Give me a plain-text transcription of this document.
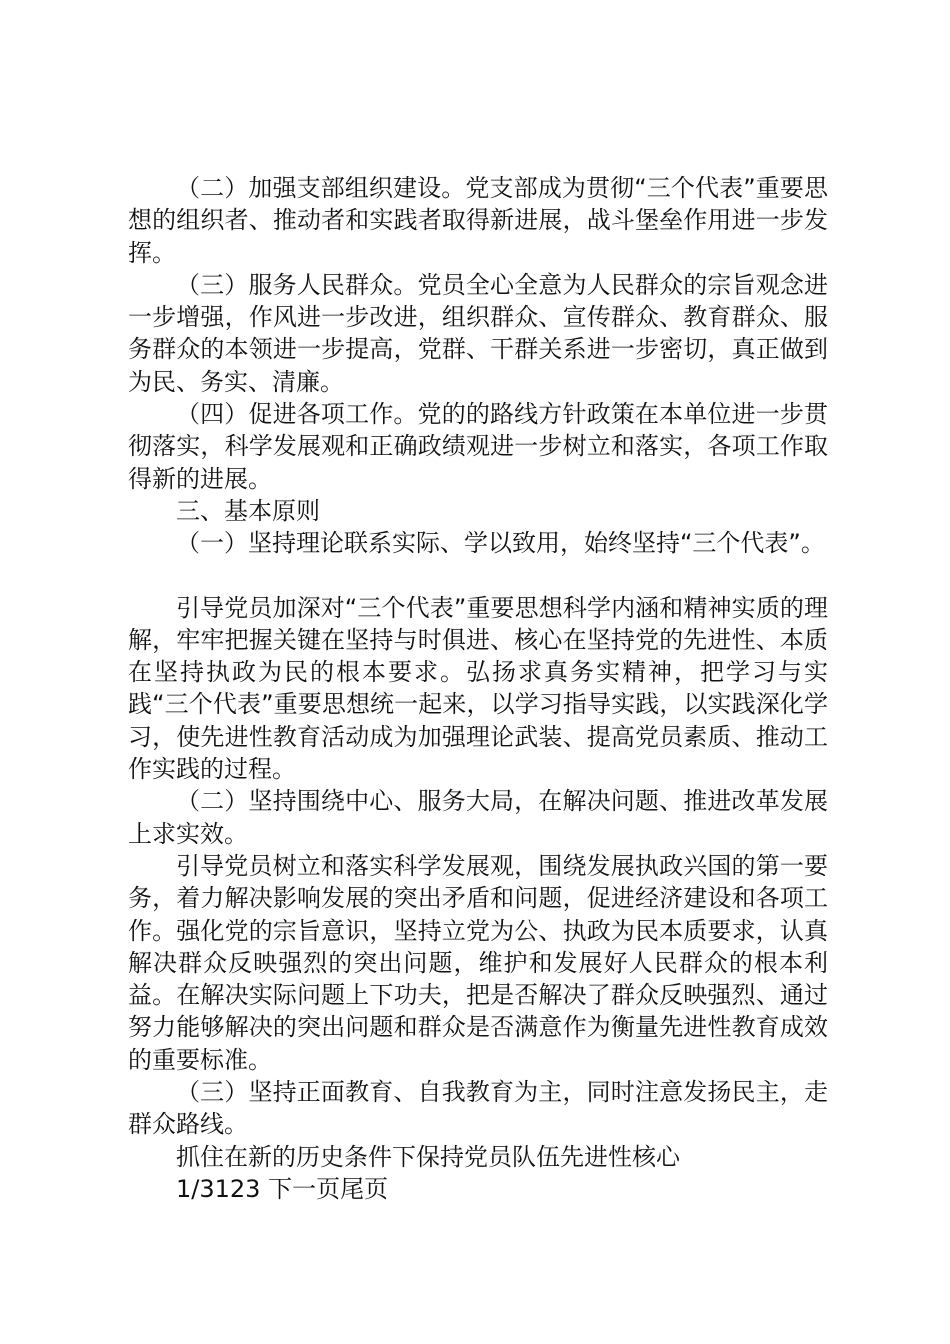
（二）加强支部组织建设。党支部成为贯彻“三个代表”重要思想的组织者、推动者和实践者取得新进展，战斗堡垒作用进一步发挥。

（三）服务人民群众。党员全心全意为人民群众的宗旨观念进一步增强，作风进一步改进，组织群众、宣传群众、教育群众、服务群众的本领进一步提高，党群、干群关系进一步密切，真正做到为民、务实、清廉。

（四）促进各项工作。党的的路线方针政策在本单位进一步贯彻落实，科学发展观和正确政绩观进一步树立和落实，各项工作取得新的进展。

三、基本原则

（一）坚持理论联系实际、学以致用，始终坚持“三个代表”。

引导党员加深对“三个代表”重要思想科学内涵和精神实质的理解，牢牢把握关键在坚持与时俱进、核心在坚持党的先进性、本质在坚持执政为民的根本要求。弘扬求真务实精神，把学习与实践“三个代表”重要思想统一起来，以学习指导实践，以实践深化学习，使先进性教育活动成为加强理论武装、提高党员素质、推动工作实践的过程。

（二）坚持围绕中心、服务大局，在解决问题、推进改革发展上求实效。

引导党员树立和落实科学发展观，围绕发展执政兴国的第一要务，着力解决影响发展的突出矛盾和问题，促进经济建设和各项工作。强化党的宗旨意识，坚持立党为公、执政为民本质要求，认真解决群众反映强烈的突出问题，维护和发展好人民群众的根本利益。在解决实际问题上下功夫，把是否解决了群众反映强烈、通过努力能够解决的突出问题和群众是否满意作为衡量先进性教育成效的重要标准。

（三）坚持正面教育、自我教育为主，同时注意发扬民主，走群众路线。

抓住在新的历史条件下保持党员队伍先进性核心

1/3123 下一页尾页
